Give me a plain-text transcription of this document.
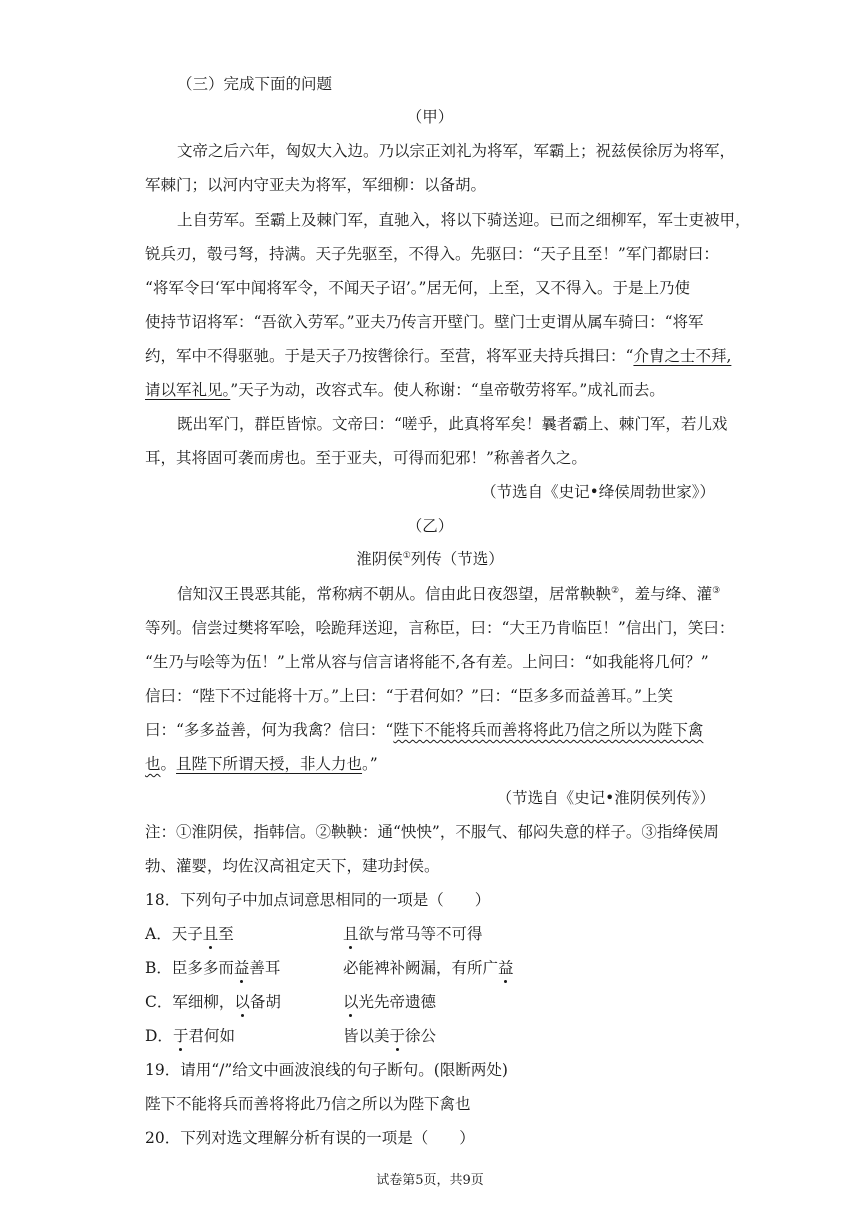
（三）完成下面的问题
（甲）
文帝之后六年，匈奴大入边。乃以宗正刘礼为将军，军霸上；祝兹侯徐厉为将军，
军棘门；以河内守亚夫为将军，军细柳：以备胡。
上自劳军。至霸上及棘门军，直驰入，将以下骑送迎。已而之细柳军，军士吏被甲，
锐兵刃，彀弓弩，持满。天子先驱至，不得入。先驱曰：“天子且至！”军门都尉曰：
“将军令曰‘军中闻将军令，不闻天子诏’。”居无何，上至，又不得入。于是上乃使
使持节诏将军：“吾欲入劳军。”亚夫乃传言开壁门。壁门士吏谓从属车骑曰：“将军
约，军中不得驱驰。于是天子乃按辔徐行。至营，将军亚夫持兵揖曰：“介胄之士不拜,
请以军礼见。”天子为动，改容式车。使人称谢：“皇帝敬劳将军。”成礼而去。
既出军门，群臣皆惊。文帝曰：“嗟乎，此真将军矣！曩者霸上、棘门军，若儿戏
耳，其将固可袭而虏也。至于亚夫，可得而犯邪！”称善者久之。
（节选自《史记•绛侯周勃世家》）
（乙）
淮阴侯①列传（节选）
信知汉王畏恶其能，常称病不朝从。信由此日夜怨望，居常鞅鞅②，羞与绛、灌③
等列。信尝过樊将军哙，哙跪拜送迎，言称臣，曰：“大王乃肯临臣！”信出门，笑曰：
“生乃与哙等为伍！”上常从容与信言诸将能不,各有差。上问曰：“如我能将几何？”
信曰：“陛下不过能将十万。”上曰：“于君何如？”曰：“臣多多而益善耳。”上笑
曰：“多多益善，何为我禽？信曰：“陛下不能将兵而善将将此乃信之所以为陛下禽
也。且陛下所谓天授，非人力也。”
（节选自《史记•淮阴侯列传》）
注：①淮阴侯，指韩信。②鞅鞅：通“怏怏”，不服气、郁闷失意的样子。③指绛侯周
勃、灌婴，均佐汉高祖定天下，建功封侯。
18．下列句子中加点词意思相同的一项是（　　）
A．天子且至	且欲与常马等不可得
B．臣多多而益善耳	必能裨补阙漏，有所广益
C．军细柳，以备胡	以光先帝遗德
D．于君何如	皆以美于徐公
19．请用“/”给文中画波浪线的句子断句。(限断两处)
陛下不能将兵而善将将此乃信之所以为陛下禽也
20．下列对选文理解分析有误的一项是（　　）
试卷第5页，共9页
